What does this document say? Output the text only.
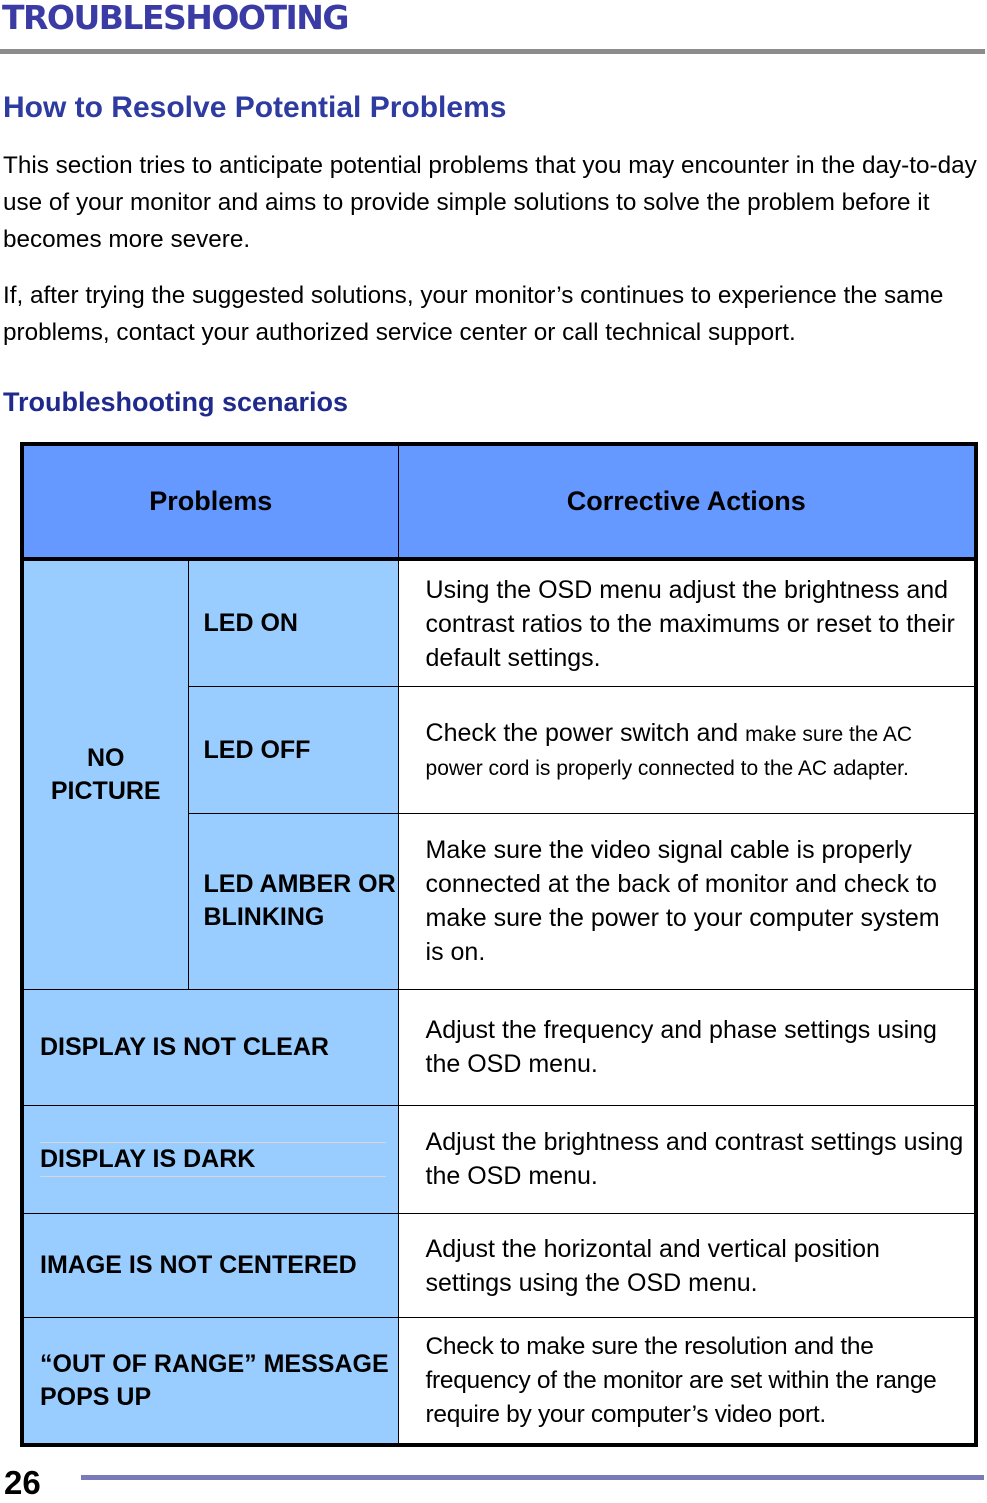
TROUBLESHOOTING
How to Resolve Potential Problems

This section tries to anticipate potential problems that you may encounter in the day-to-day use of your monitor and aims to provide simple solutions to solve the problem before it becomes more severe.

If, after trying the suggested solutions, your monitor’s continues to experience the same problems, contact your authorized service center or call technical support.

Troubleshooting scenarios
Problems		Corrective Actions
NO PICTURE	LED ON	Using the OSD menu adjust the brightness and contrast ratios to the maximums or reset to their default settings.
	LED OFF	Check the power switch and make sure the AC power cord is properly connected to the AC adapter.
	LED AMBER OR BLINKING	Make sure the video signal cable is properly connected at the back of monitor and check to make sure the power to your computer system is on.
DISPLAY IS NOT CLEAR		Adjust the frequency and phase settings using the OSD menu.

DISPLAY IS DARK		Adjust the brightness and contrast settings using the OSD menu.
IMAGE IS NOT CENTERED		Adjust the horizontal and vertical position settings using the OSD menu.
“OUT OF RANGE” MESSAGE POPS UP		Check to make sure the resolution and the frequency of the monitor are set within the range require by your computer’s video port.
26
